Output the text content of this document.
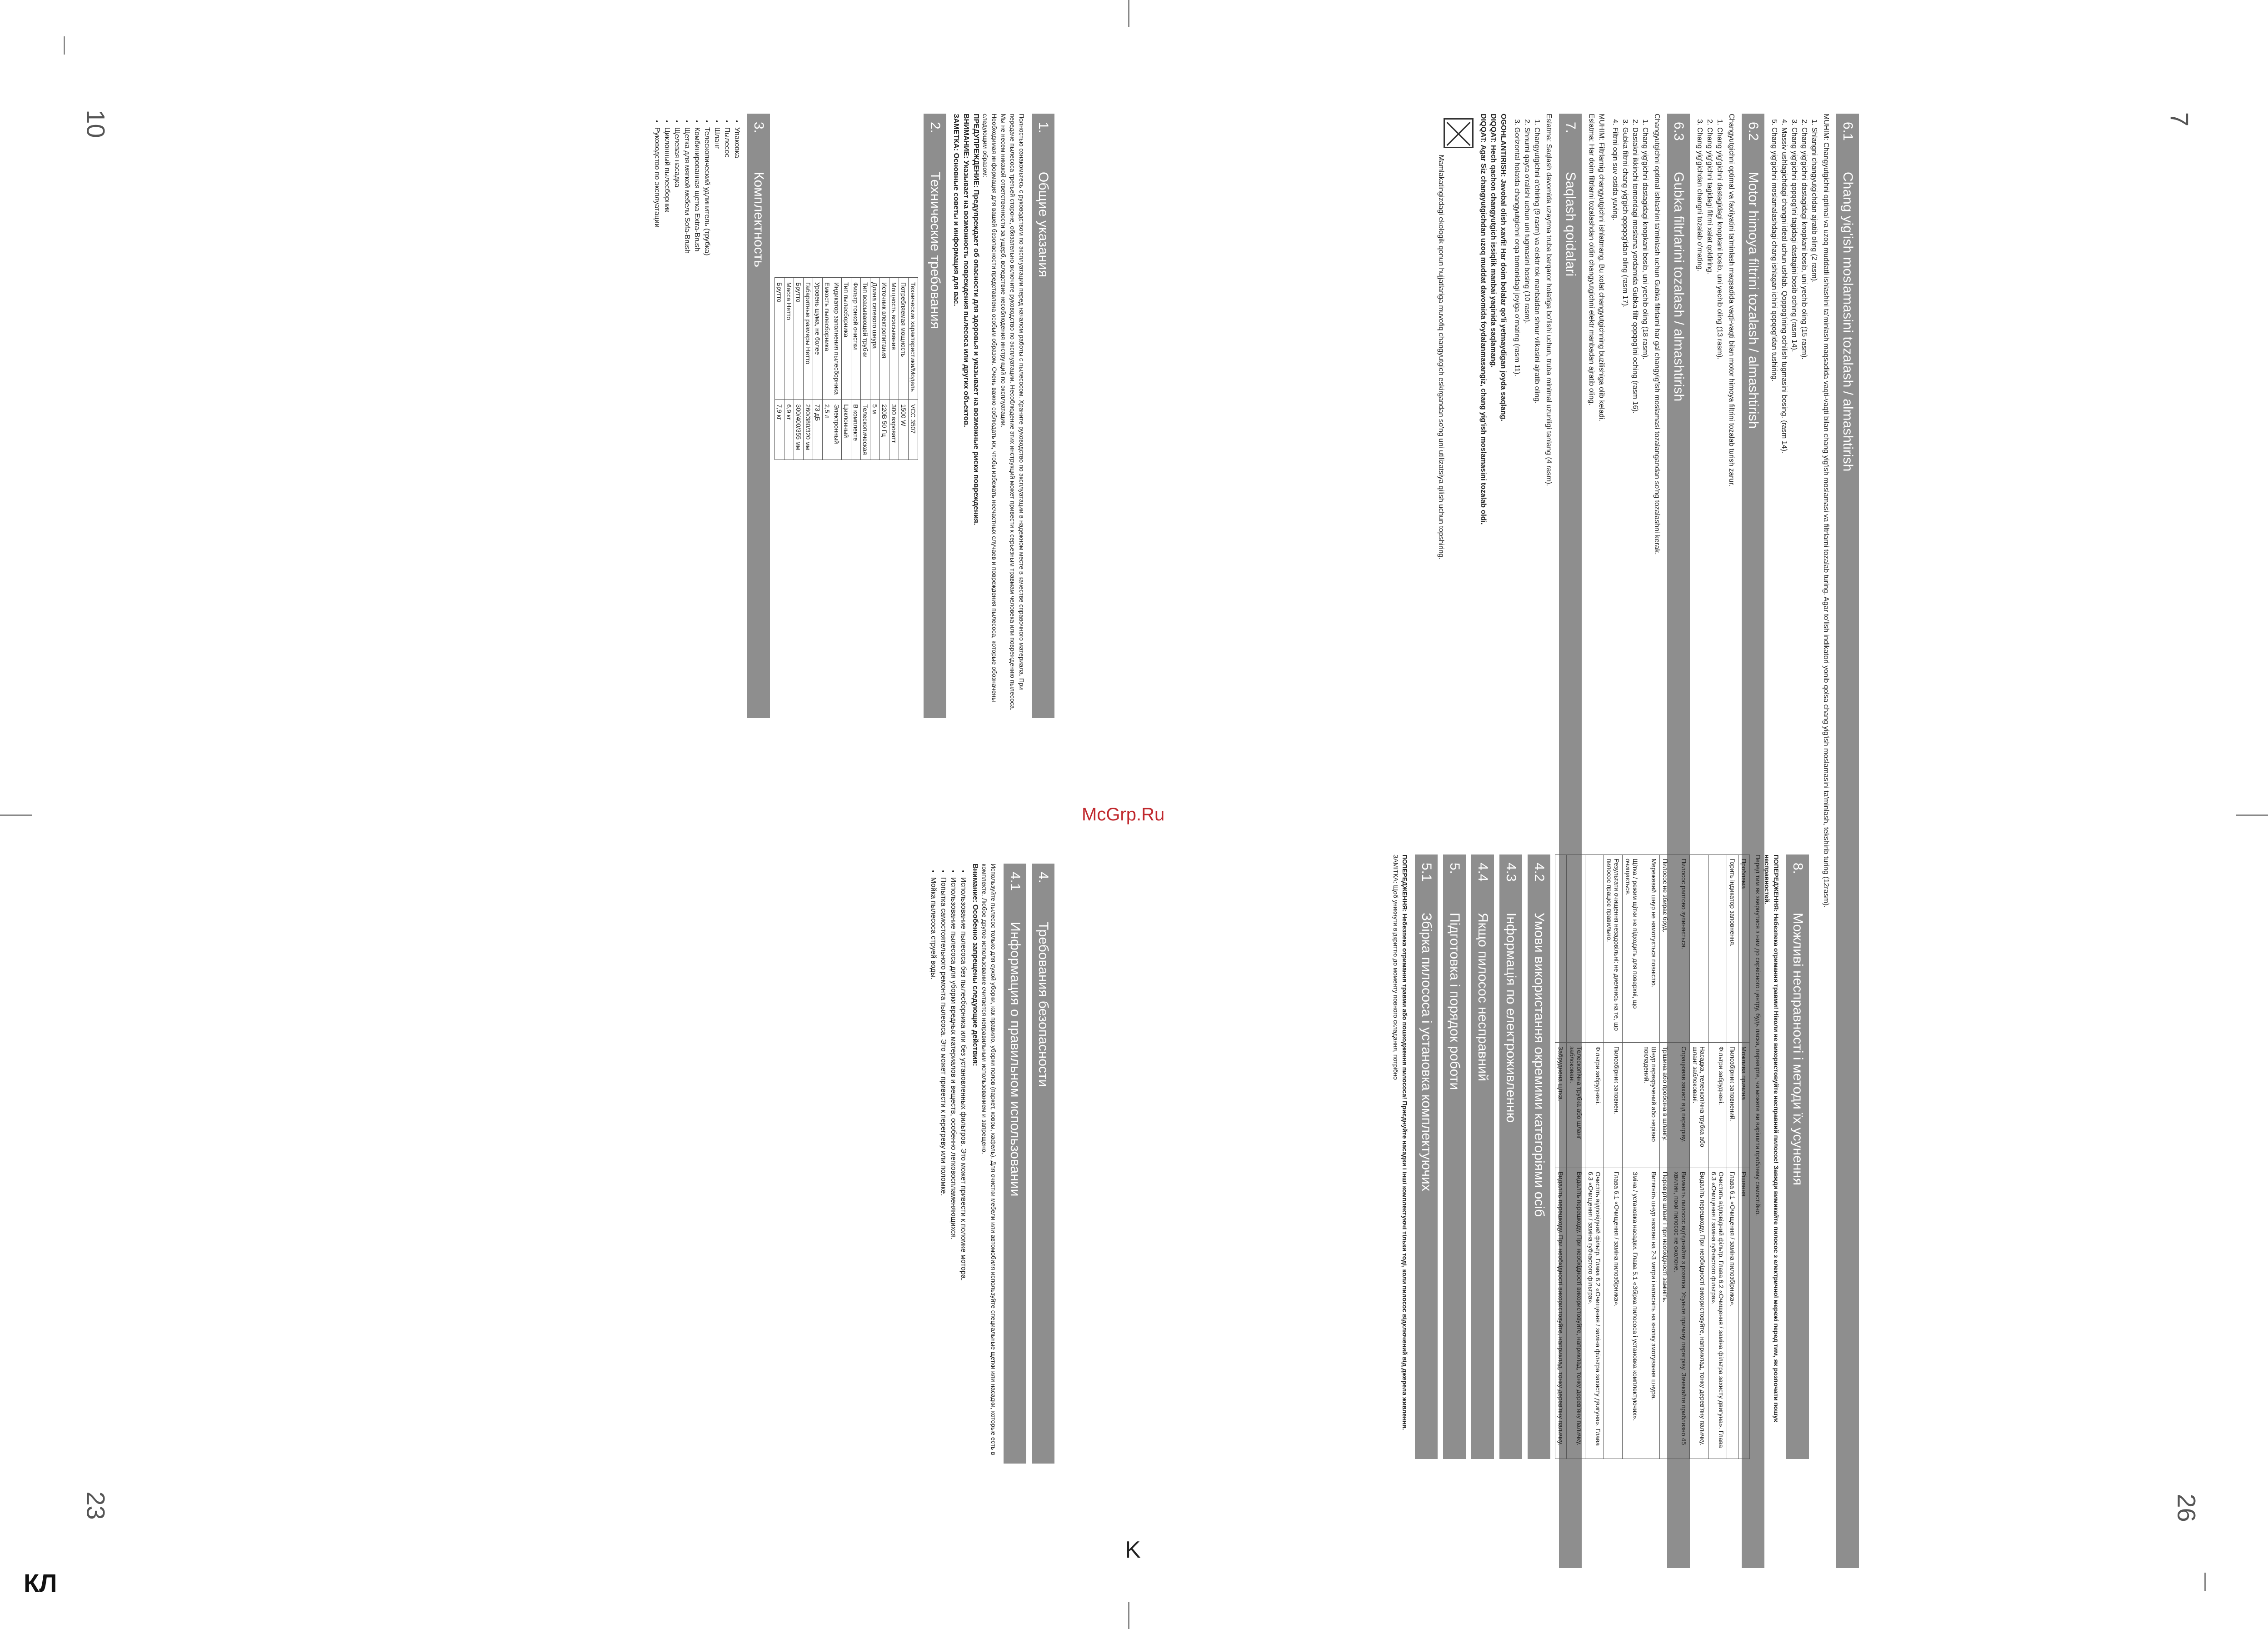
10
23
7
26
McGrp.Ru
K
КЛ
6.1Chang yig'ish moslamasini tozalash / almashtirish

MUHIM: Changyutgichni optimal va uzoq muddatli ishlashini ta'minlash maqsadida vaqti-vaqti bilan chang yig'ish moslamasi va filtrlarni tozalab turing. Agar to'lish indikatori yonib qolsa chang yig'ish moslamasini ta'minlash, tekshirib turing (12rasm).

1. Shlangni changyutgichdan ajratib oling (2 rasm).
2. Chang yig'gichni dastagidagi knopkani bosib, uni yechib oling (15 rasm).
3. Chang yig'gichni qopqog'ini tagidagi dastagini bosib oching (rasm 14).
4. Massiv ushlagichdagi changni ideal uchun ushlab. Qoppog'ining ochilish tugmasini bosing. (rasm 14).
5. Chang yig'gichni moslamalashdagi chang ishlagan ichini qopqog'idan tushiring.
6.2Motor himoya filtrini tozalash / almashtirish

Changyutgichni optimal va faoliyatini ta'minlash maqsadida vaqti-vaqti bilan motor himoya filtrini tozalab turish zarur.

1. Chang yig'gichni dastagidagi knopkani bosib, uni yechib oling (13 rasm).
2. Chang yig'gichni tagidagi filtrni xalat qoldiring.
3. Chang yig'gichdan changni tozalab o'rnating.
6.3Gubka filtrlarini tozalash / almashtirish

Changyutgichni optimal ishlashini ta'minlash uchun Gubka filtrlarni har gal changyig'ish moslamasi tozalangandan so'ng tozalashni kerak.

1. Chang yig'gichni dastagidagi knopkani bosib, uni yechib oling (18 rasm).
2. Dastakni ikkinchi tomondagi moslama yordamida Gubka filtr qopqog'ini oching (rasm 16).
3. Gubka filtrni chang yig'gich qopqog'idan oling (rasm 17).
4. Filtrni oqin suv ostida yuving.

MUHIM: Filtrlarnig changyutgichni ishlatmang. Bu xolat changyutgichning buzilishiga olib keladi.

Eslatma: Har doim filtrlarni tozalashdan oldin changyutgichni elektr manbadan ajratib oling.

7.Saqlash qoidalari

Eslatma: Saqlash davomida uzaytma truba barqaror holatiga bo'lishi uchun, truba minimal uzunligi tanlang (4 rasm).

1. Changyutgichni o'chiring (9 rasm) va elektr tok manbaidan shnur vilkasini ajratib oling.
2. Shnurni qayta o'ralishi uchun uni tugmasini bosing (10 rasm).
3. Gorizontal holatda changyutgichni orqa tomonidagi joyiga o'rnating (rasm 11).

OGOHLANTIRISH: Javobal olish xavfi! Har doim bolalar qo'li yetmaydigan joyda saqlang.

DIQQAT: Hech qachon changyutgich issiqlik manbai yaqinida saqlamang.

DIQQAT: Agar Siz changyutgichdan uzoq muddat davomida foydalanmasangiz, chang yig'ish moslamasini tozalab oldi.

Mamlakatingizdagi ekologik qonun hujjatlariga muvofiq changyutgich eskirgandan so'ng uni utilizatsiya qilish uchun topshiring.
1.Общие указания

Полностью ознакомьтесь с руководством по эксплуатации перед началом работы с пылесосом. Храните руководство по эксплуатации в надежном месте в качестве справочного материала. При передаче пылесоса третьей стороне, обязательно включите руководство по эксплуатации. Несоблюдение этих инструкций может привести к серьезным травмам человека или повреждению пылесоса. Мы не несем никакой ответственности за ущерб, вследствие несоблюдения инструкций по эксплуатации.

Необходимая информация для вашей безопасности представлена особым образом. Очень важно соблюдать их, чтобы избежать несчастных случаев и повреждения пылесоса, которые обозначены следующим образом:

ПРЕДУПРЕЖДЕНИЕ: Предупреждает об опасности для здоровья и указывает на возможные риски повреждения.

ВНИМАНИЕ: Указывает на возможность повреждения пылесоса или других объектов.

ЗАМЕТКА: Основные советы и информация для вас.

2.Технические требования
Технические характеристики/Модель	VCC 3507
Потребляемая мощность	1500 W
Мощность всасывания	300 аэроватт
Источник электропитания	220В 50 Гц
Длина сетевого шнура	5 м
Тип всасывающей трубки	Телескопическая
Фильтр тонкой очистки	В комплекте
Тип пылесборника	Циклонный
Индикатор заполнения пылесборника	Электронный
Емкость пылесборника	2,5 л
Уровень шума, не более	73 дБ
Габаритные размеры Нетто	260/380/320 мм
Брутто	300/400/355 мм
Масса Нетто	6,9 кг
Брутто	7,9 кг
3.Комплектность
• Упаковка
• Пылесос
• Шланг
• Телескопический удлинитель (трубка)
• Комбинированная щетка Extra-Brush
• Щетка для мягкой мебели Sofa-Brush
• Щелевая насадка
• Циклонный пылесборник
• Руководство по эксплуатации
4.Требования безопасности
4.1Информация о правильном использовании

Используйте пылесос только для сухой уборки, как правило, уборки полов (паркет, ковры, кафель). Для очистки мебели или автомобиля используйте специальные щетки или насадки, которые есть в комплекте. Любое другое использование считается неправильным использованием и запрещено.

Внимание: Особенно запрещены следующие действия:

• Использование пылесоса без пылесборника или без установленных фильтров. Это может привести к поломке мотора.
• Использование пылесоса для уборки вредных материалов и веществ, особенно легковоспламеняющихся.
• Попытка самостоятельного ремонта пылесоса. Это может привести к перегреву или поломке.
• Мойка пылесоса струей воды.
8.Можливі несправності і методи їх усунення

ПОПЕРЕДЖЕННЯ: Небезпека отримання травми! Ніколи не використовуйте несправний пилосос! Завжди вимикайте пилосос з електричної мережі перед тим, як розпочати пошук несправностей.

Перед тим як звернутися з ним до сервісного центру, будь ласка, перевірте, чи можете ви вирішити проблему самостійно.

Проблема	Можлива причина	Рішення
Горить індикатор заповнення.	Пилозбірник заповнений.	Глава 6.1 «Очищення / заміна пилозбірника».
	Фільтри забруднені.	Очистить відповідний фільтр. Глава 6.2 «Очищення / заміна фільтра захисту двигуна». Глава 6.3 «Очищення / заміна губчастого фільтра».
	Насадка, телескопічна трубка або шланг заблоковані.	Видаліть перешкоду. При необхідності використовуйте, наприклад, тонку дерев'яну паличку.
Пилосос раптово зупиняється.	Спрацював захист від перегріву.	Вимкніть пилосос від'єднайте з розетки. Усуньте причину перегріву. Зачекайте приблизно 45 хвилин, поки пилосос не охолоне.
Пилосос не збирає бруд.	Трішина або пробоїна в шлангу.	Перевірте шланг і при необхідності замініть.
Мережевий шнур не намотується повністю.	Шнур перекручений або нерівно покладений.	Витягніть шнур назовні на 2-3 метри і натисніть на кнопку змотування шнура.
Щітка / режим щітки не підходить для поверхні, що очищається.		Зміна / установка насадки. Глава 5.1 «Збірка пилососа і установка комплектуючих».
Результати очищення незадовільні: не диелнись на те, що пилосос працює правильно.	Пилозбірник заповнен.	Глава 6.1 «Очищення / заміна пилозбірника».
	Фільтри забруднені.	Очистіть відповідний фільтр. Глава 6.2 «Очищення / заміна фільтра захисту двигуна». Глава 6.3 «Очищення / заміна губчастого фільтра».
	Телескопічна трубка або шланг заблоковані.	Видаліть перешкоду. При необхідності використовуйте, наприклад, тонку дерев'яну паличку.
	Забруднена щітка.	Видаліть перешкоду. При необхідності використовуйте, наприклад, тонку дерев'яну паличку.
4.2Умови використання окремими категоріями осіб
4.3Інформація по електроживленню
4.4Якщо пилосос несправний
5.Підготовка і порядок роботи
5.1Збірка пилососа і установка комплектуючих

ПОПЕРЕДЖЕННЯ: Небезпека отримання травми або пошкодження пилососа! Приєднуйте насадки і інші комплектуючі тільки тоді, коли пилосос відключений від джерела живлення.

ЗАМІТКА: Щоб уникнути відкриттю до моменту повного складання, потрібно
